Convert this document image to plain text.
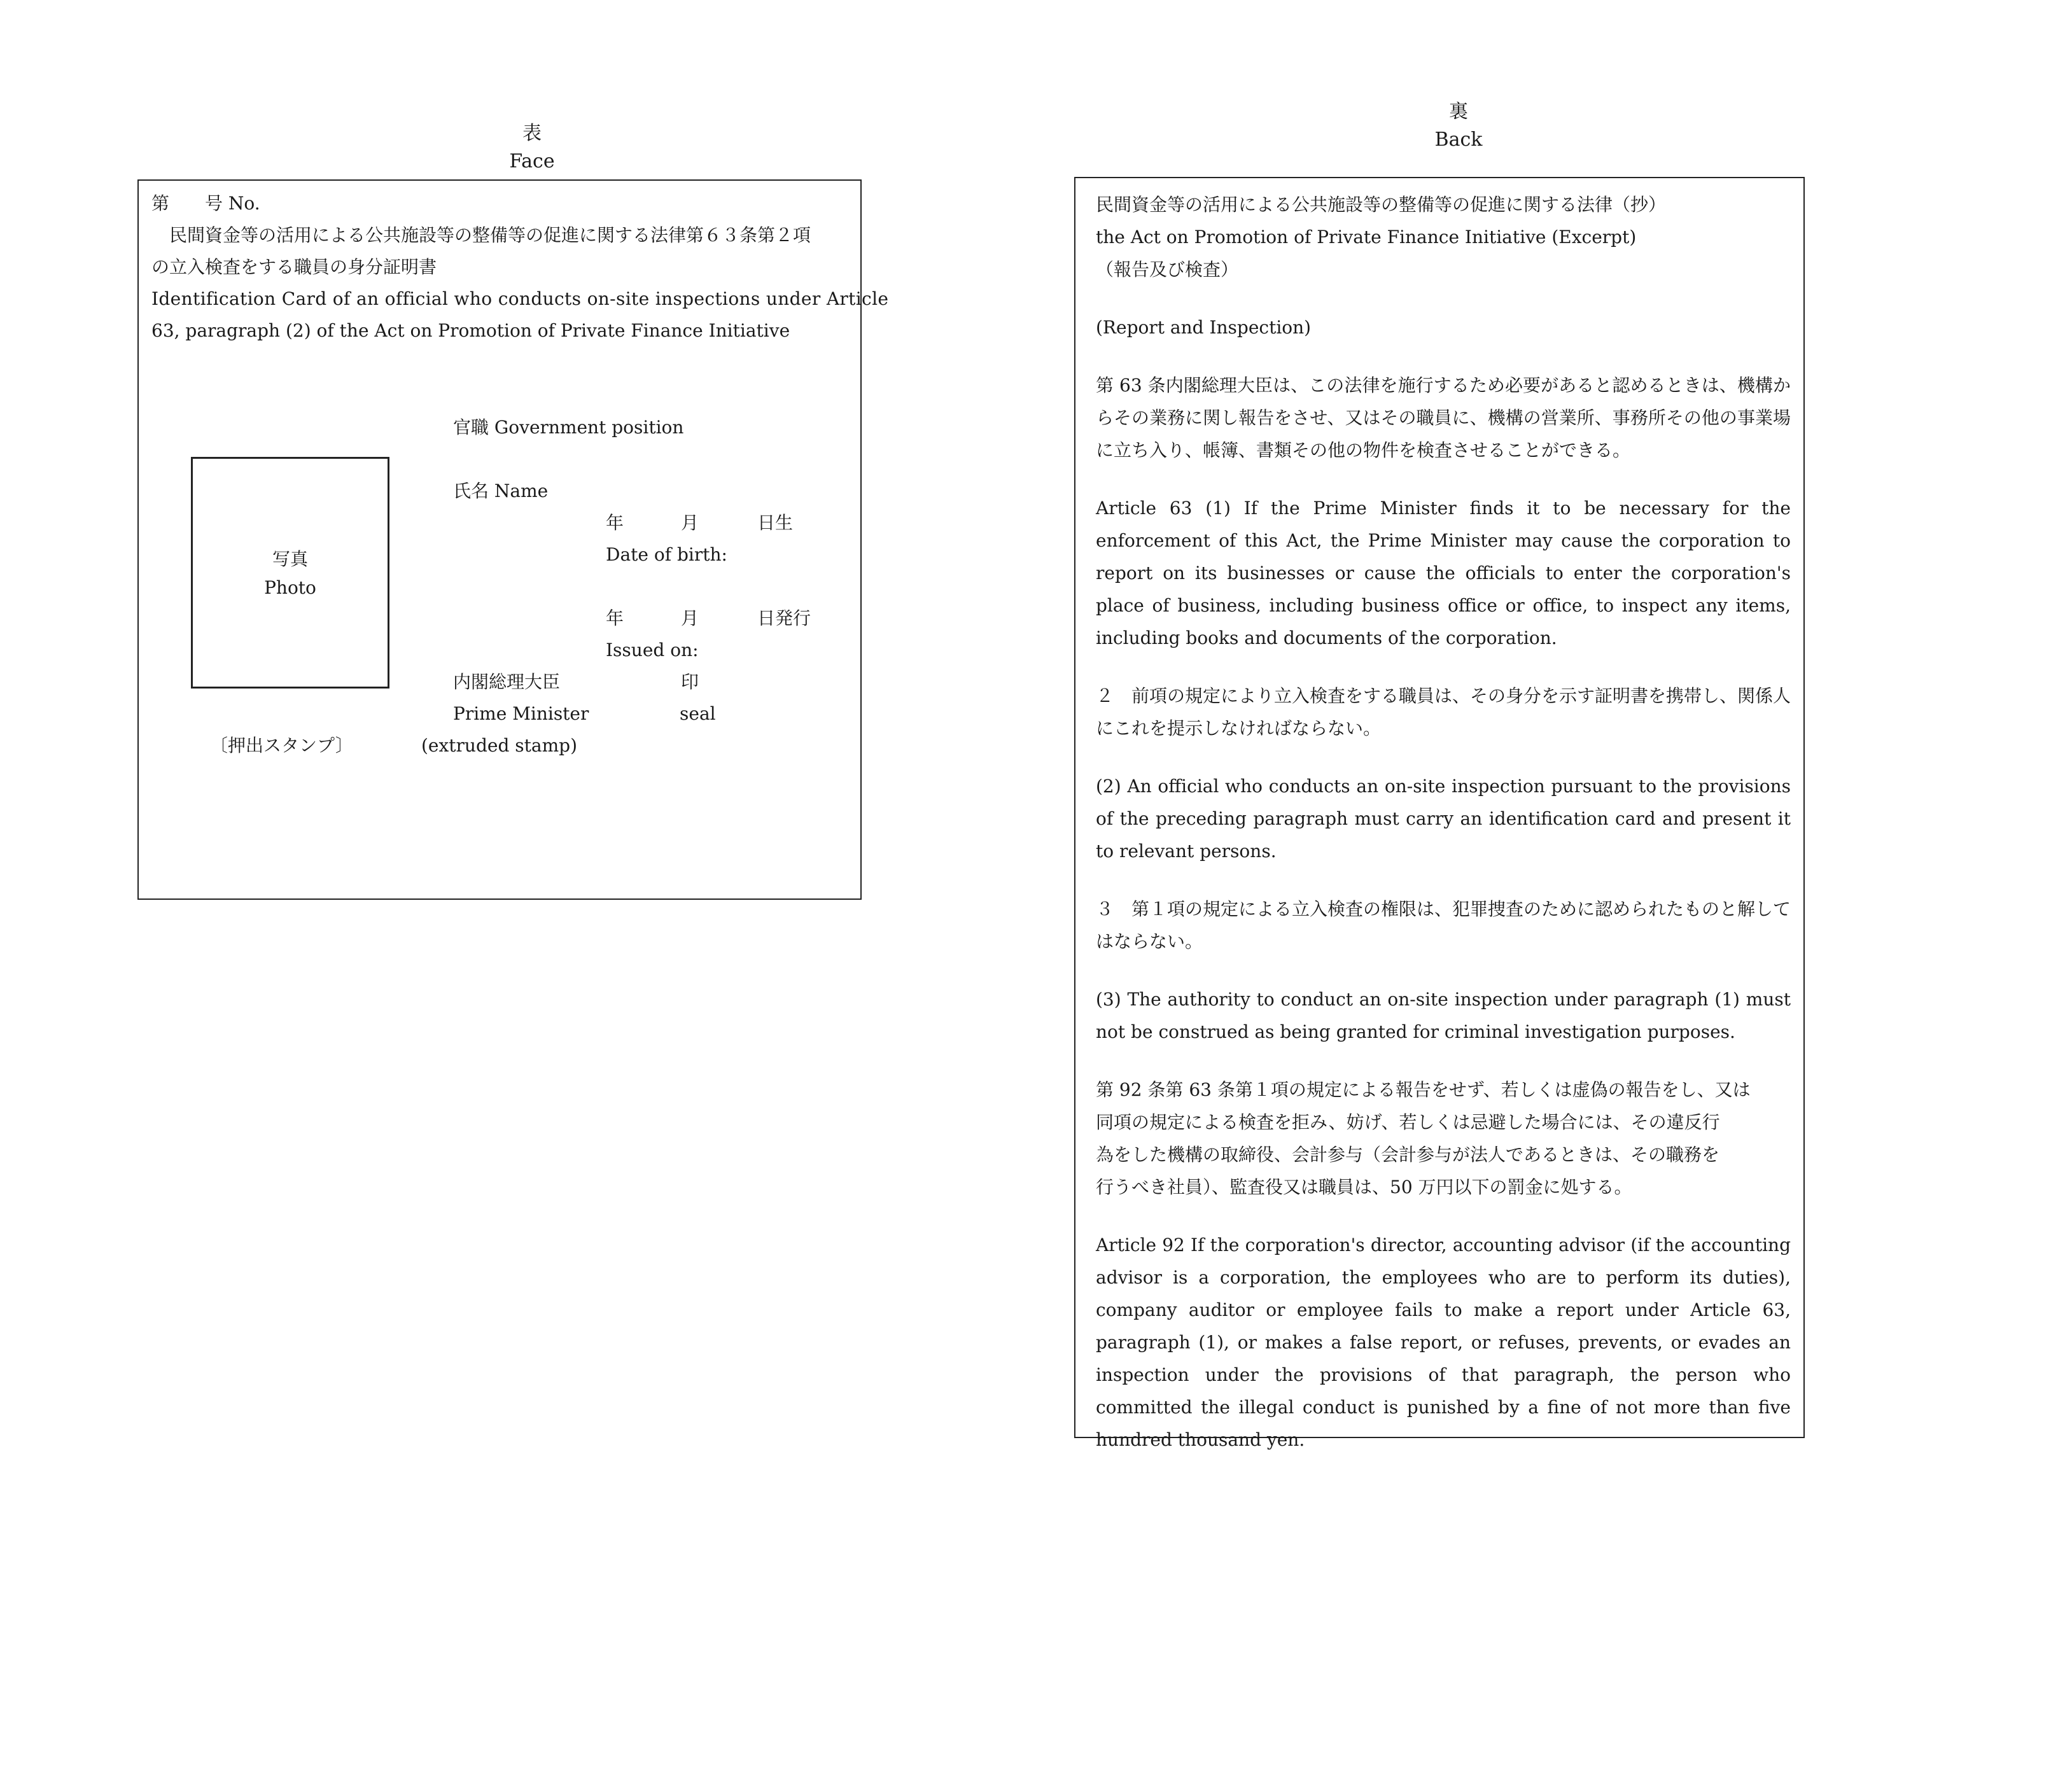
表
Face
第　　号 No.
　民間資金等の活用による公共施設等の整備等の促進に関する法律第６３条第２項
の立入検査をする職員の身分証明書
Identification Card of an official who conducts on-site inspections under Article
63, paragraph (2) of the Act on Promotion of Private Finance Initiative
写真
Photo
官職 Government position
氏名 Name
年	月	日生
Date of birth:
年	月	日発行
Issued on:
内閣総理大臣	印
Prime Minister	seal
〔押出スタンプ〕	(extruded stamp)
裏
Back

民間資金等の活用による公共施設等の整備等の促進に関する法律（抄）

the Act on Promotion of Private Finance Initiative (Excerpt)

（報告及び検査）

(Report and Inspection)

第 63 条内閣総理大臣は、この法律を施行するため必要があると認めるときは、機構からその業務に関し報告をさせ、又はその職員に、機構の営業所、事務所その他の事業場に立ち入り、帳簿、書類その他の物件を検査させることができる。

Article 63 (1) If the Prime Minister finds it to be necessary for the enforcement of this Act, the Prime Minister may cause the corporation to report on its businesses or cause the officials to enter the corporation's place of business, including business office or office, to inspect any items, including books and documents of the corporation.

２　前項の規定により立入検査をする職員は、その身分を示す証明書を携帯し、関係人にこれを提示しなければならない。

(2) An official who conducts an on-site inspection pursuant to the provisions of the preceding paragraph must carry an identification card and present it to relevant persons.

３　第１項の規定による立入検査の権限は、犯罪捜査のために認められたものと解してはならない。

(3) The authority to conduct an on-site inspection under paragraph (1) must not be construed as being granted for criminal investigation purposes.

第 92 条第 63 条第１項の規定による報告をせず、若しくは虚偽の報告をし、又は

同項の規定による検査を拒み、妨げ、若しくは忌避した場合には、その違反行

為をした機構の取締役、会計参与（会計参与が法人であるときは、その職務を

行うべき社員）、監査役又は職員は、50 万円以下の罰金に処する。

Article 92 If the corporation's director, accounting advisor (if the accounting advisor is a corporation, the employees who are to perform its duties), company auditor or employee fails to make a report under Article 63, paragraph (1), or makes a false report, or refuses, prevents, or evades an inspection under the provisions of that paragraph, the person who committed the illegal conduct is punished by a fine of not more than five hundred thousand yen.
